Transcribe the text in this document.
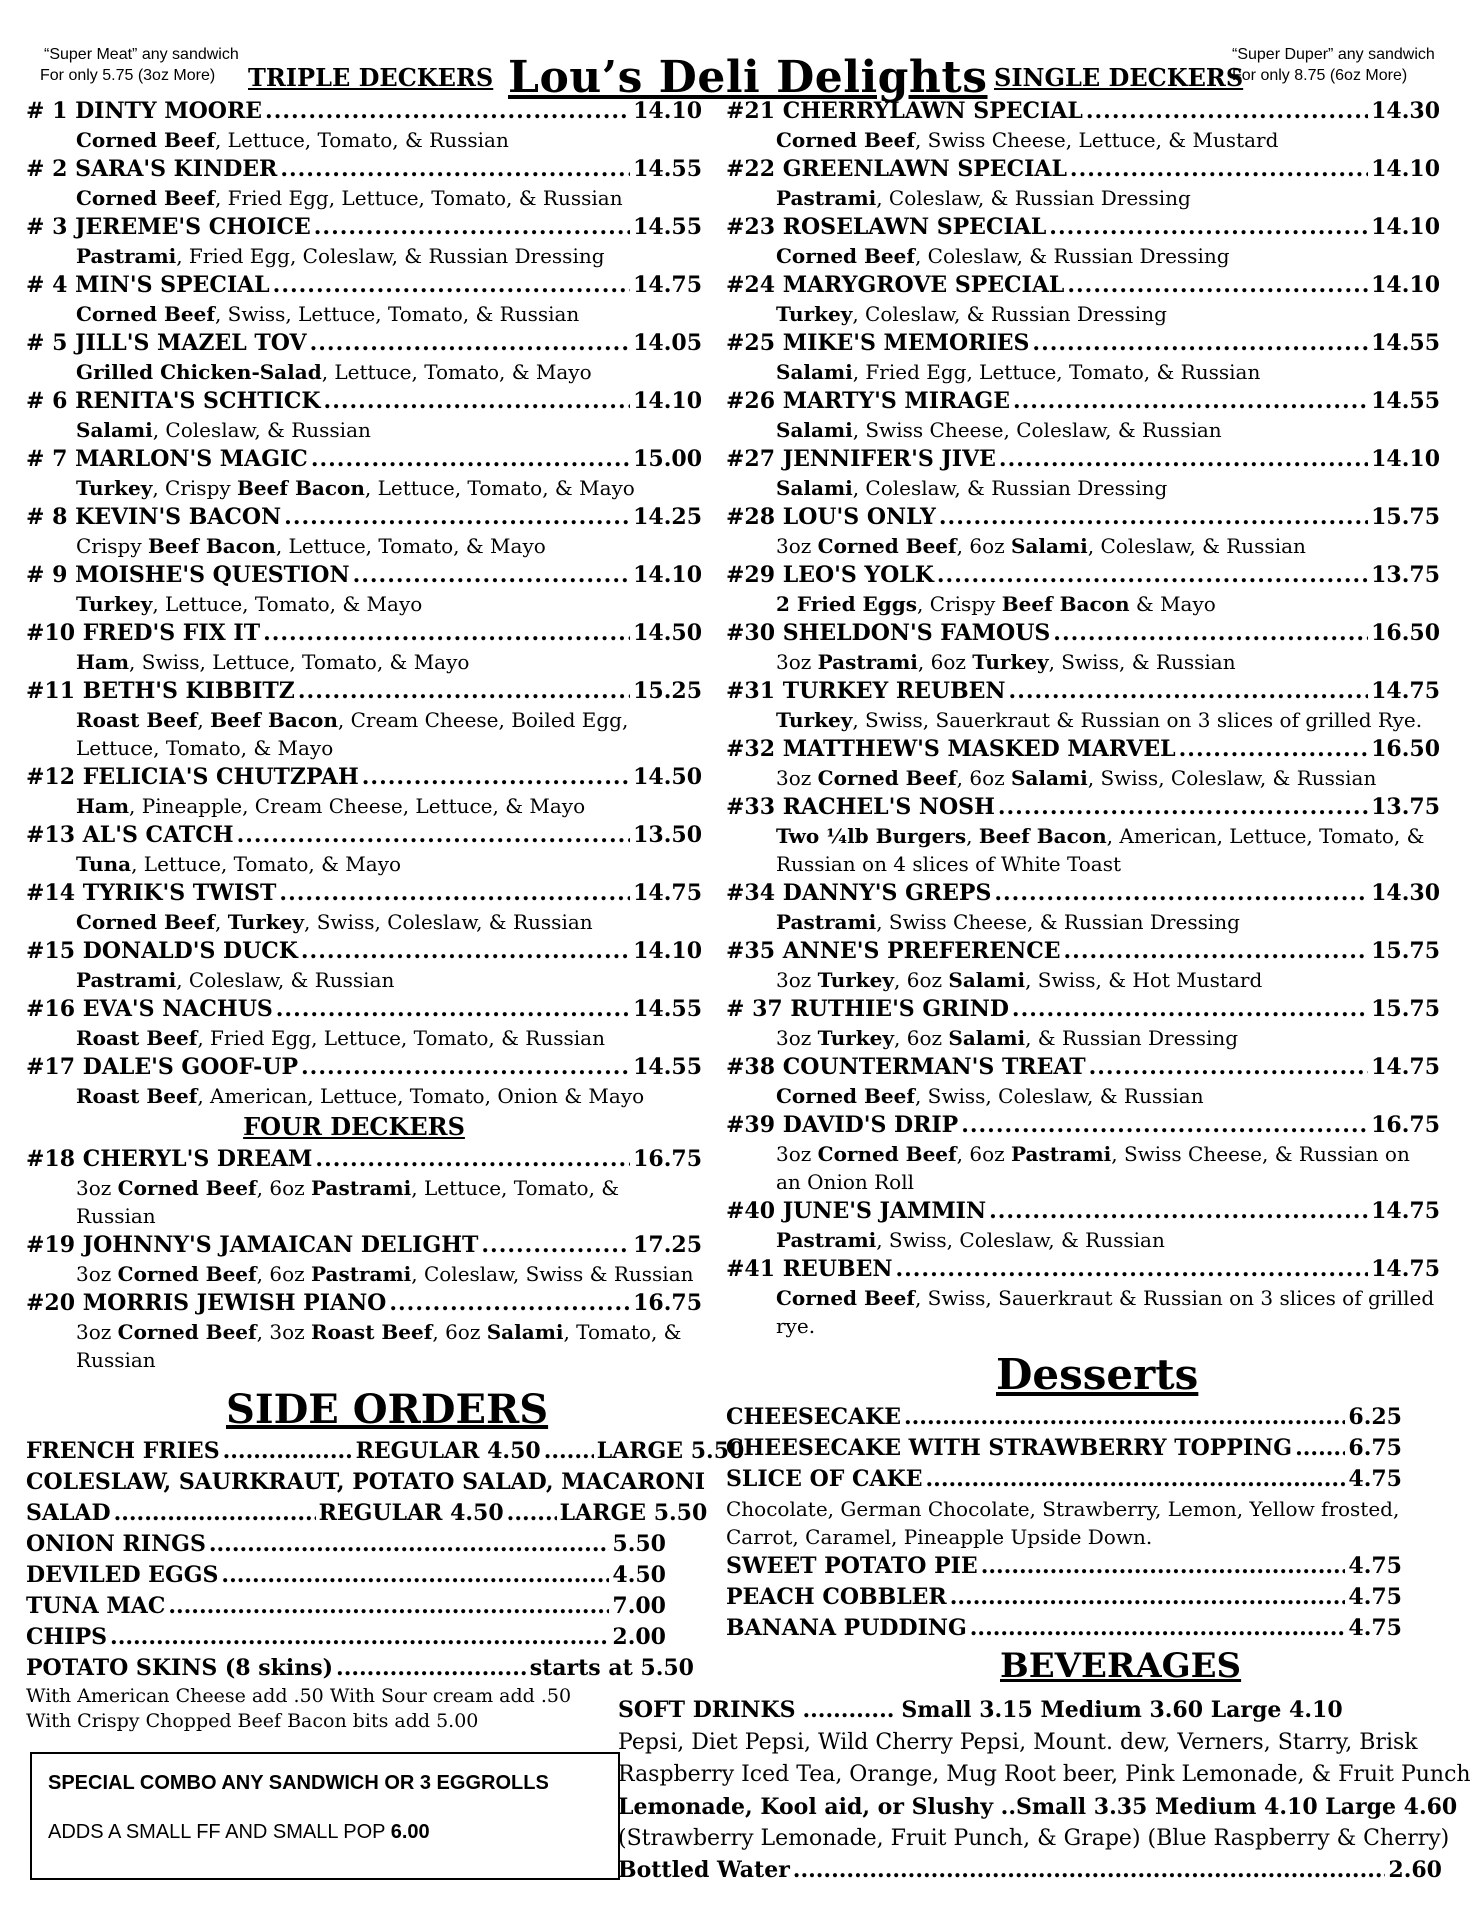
“Super Meat” any sandwich
For only 5.75 (3oz More)	TRIPLE DECKERS Lou’s Deli Delights SINGLE DECKERS
“Super Duper” any sandwich
For only 8.75 (6oz More)
# 1 DINTY MOORE .....	14.10
Corned Beef, Lettuce, Tomato, & Russian
# 2 SARA'S KINDER .....	14.55
Corned Beef, Fried Egg, Lettuce, Tomato, & Russian
# 3 JEREME'S CHOICE .....	14.55
Pastrami, Fried Egg, Coleslaw, & Russian Dressing
# 4 MIN'S SPECIAL .....	14.75
Corned Beef, Swiss, Lettuce, Tomato, & Russian
# 5 JILL'S MAZEL TOV .....	14.05
Grilled Chicken-Salad, Lettuce, Tomato, & Mayo
# 6 RENITA'S SCHTICK .....	14.10
Salami, Coleslaw, & Russian
# 7 MARLON'S MAGIC .....	15.00
Turkey, Crispy Beef Bacon, Lettuce, Tomato, & Mayo
# 8 KEVIN'S BACON .....	14.25
Crispy Beef Bacon, Lettuce, Tomato, & Mayo
# 9 MOISHE'S QUESTION .....	14.10
Turkey, Lettuce, Tomato, & Mayo
#10 FRED'S FIX IT .....	14.50
Ham, Swiss, Lettuce, Tomato, & Mayo
#11 BETH'S KIBBITZ .....	15.25
Roast Beef, Beef Bacon, Cream Cheese, Boiled Egg, Lettuce, Tomato, & Mayo
#12 FELICIA'S CHUTZPAH .....	14.50
Ham, Pineapple, Cream Cheese, Lettuce, & Mayo
#13 AL'S CATCH .....	13.50
Tuna, Lettuce, Tomato, & Mayo
#14 TYRIK'S TWIST .....	14.75
Corned Beef, Turkey, Swiss, Coleslaw, & Russian
#15 DONALD'S DUCK .....	14.10
Pastrami, Coleslaw, & Russian
#16 EVA'S NACHUS .....	14.55
Roast Beef, Fried Egg, Lettuce, Tomato, & Russian
#17 DALE'S GOOF-UP .....	14.55
Roast Beef, American, Lettuce, Tomato, Onion & Mayo
FOUR DECKERS
#18 CHERYL'S DREAM .....	16.75
3oz Corned Beef, 6oz Pastrami, Lettuce, Tomato, & Russian
#19 JOHNNY'S JAMAICAN DELIGHT .....	17.25
3oz Corned Beef, 6oz Pastrami, Coleslaw, Swiss & Russian
#20 MORRIS JEWISH PIANO .....	16.75
3oz Corned Beef, 3oz Roast Beef, 6oz Salami, Tomato, & Russian
#21 CHERRYLAWN SPECIAL .....	14.30
Corned Beef, Swiss Cheese, Lettuce, & Mustard
#22 GREENLAWN SPECIAL .....	14.10
Pastrami, Coleslaw, & Russian Dressing
#23 ROSELAWN SPECIAL .....	14.10
Corned Beef, Coleslaw, & Russian Dressing
#24 MARYGROVE SPECIAL .....	14.10
Turkey, Coleslaw, & Russian Dressing
#25 MIKE'S MEMORIES .....	14.55
Salami, Fried Egg, Lettuce, Tomato, & Russian
#26 MARTY'S MIRAGE .....	14.55
Salami, Swiss Cheese, Coleslaw, & Russian
#27 JENNIFER'S JIVE .....	14.10
Salami, Coleslaw, & Russian Dressing
#28 LOU'S ONLY .....	15.75
3oz Corned Beef, 6oz Salami, Coleslaw, & Russian
#29 LEO'S YOLK .....	13.75
2 Fried Eggs, Crispy Beef Bacon & Mayo
#30 SHELDON'S FAMOUS .....	16.50
3oz Pastrami, 6oz Turkey, Swiss, & Russian
#31 TURKEY REUBEN .....	14.75
Turkey, Swiss, Sauerkraut & Russian on 3 slices of grilled Rye.
#32 MATTHEW'S MASKED MARVEL .....	16.50
3oz Corned Beef, 6oz Salami, Swiss, Coleslaw, & Russian
#33 RACHEL'S NOSH .....	13.75
Two ¼lb Burgers, Beef Bacon, American, Lettuce, Tomato, & Russian on 4 slices of White Toast
#34 DANNY'S GREPS .....	14.30
Pastrami, Swiss Cheese, & Russian Dressing
#35 ANNE'S PREFERENCE .....	15.75
3oz Turkey, 6oz Salami, Swiss, & Hot Mustard
# 37 RUTHIE'S GRIND .....	15.75
3oz Turkey, 6oz Salami, & Russian Dressing
#38 COUNTERMAN'S TREAT .....	14.75
Corned Beef, Swiss, Coleslaw, & Russian
#39 DAVID'S DRIP .....	16.75
3oz Corned Beef, 6oz Pastrami, Swiss Cheese, & Russian on an Onion Roll
#40 JUNE'S JAMMIN .....	14.75
Pastrami, Swiss, Coleslaw, & Russian
#41 REUBEN .....	14.75
Corned Beef, Swiss, Sauerkraut & Russian on 3 slices of grilled rye.
SIDE ORDERS
FRENCH FRIES .....	REGULAR 4.50 .....	LARGE 5.50
COLESLAW, SAURKRAUT, POTATO SALAD, MACARONI
SALAD .....	REGULAR 4.50 .....	LARGE 5.50
ONION RINGS .....	5.50
DEVILED EGGS .....	4.50
TUNA MAC .....	7.00
CHIPS .....	2.00
POTATO SKINS (8 skins) .....	starts at 5.50
With American Cheese add .50 With Sour cream add .50
With Crispy Chopped Beef Bacon bits add 5.00
SPECIAL COMBO ANY SANDWICH OR 3 EGGROLLS
ADDS A SMALL FF AND SMALL POP 6.00
Desserts
CHEESECAKE .....	6.25
CHEESECAKE WITH STRAWBERRY TOPPING .....	6.75
SLICE OF CAKE .....	4.75
Chocolate, German Chocolate, Strawberry, Lemon, Yellow frosted,
Carrot, Caramel, Pineapple Upside Down.
SWEET POTATO PIE .....	4.75
PEACH COBBLER .....	4.75
BANANA PUDDING .....	4.75
BEVERAGES
SOFT DRINKS ............ Small 3.15 Medium 3.60 Large 4.10
Pepsi, Diet Pepsi, Wild Cherry Pepsi, Mount. dew, Verners, Starry, Brisk
Raspberry Iced Tea, Orange, Mug Root beer, Pink Lemonade, & Fruit Punch
Lemonade, Kool aid, or Slushy ..Small 3.35 Medium 4.10 Large 4.60
(Strawberry Lemonade, Fruit Punch, & Grape) (Blue Raspberry & Cherry)
Bottled Water .....	2.60
